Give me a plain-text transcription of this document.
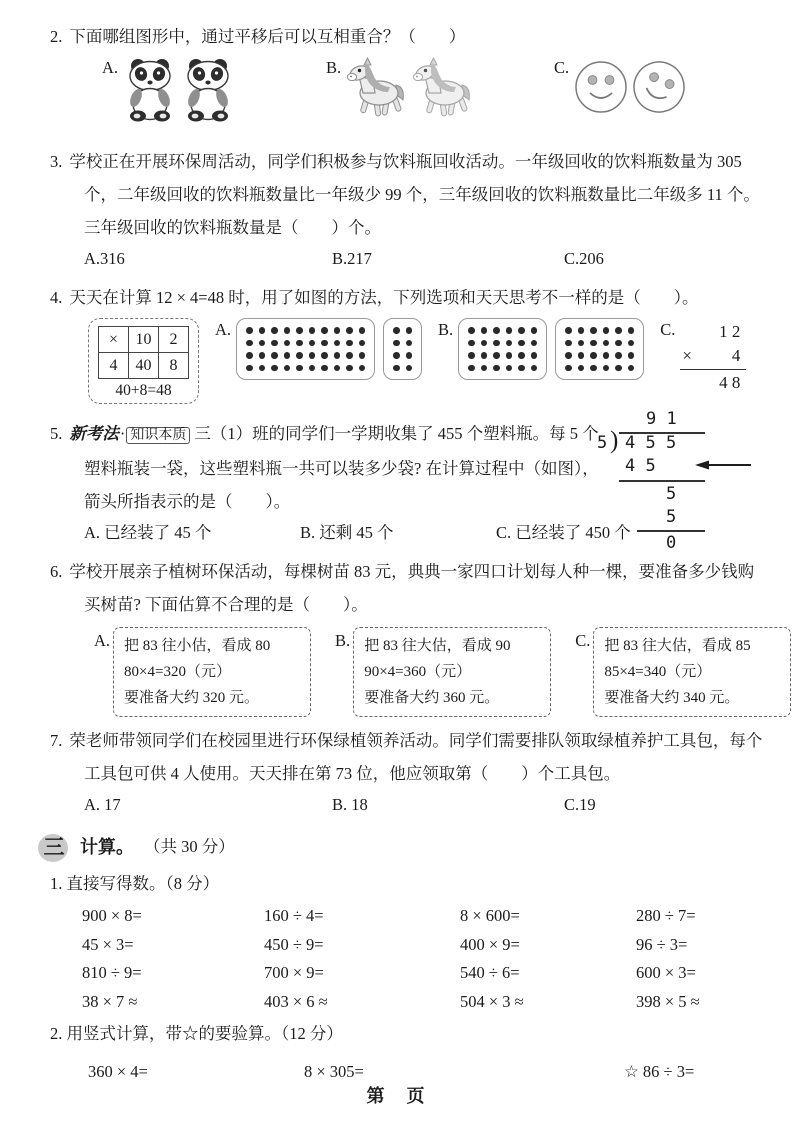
2. 下面哪组图形中，通过平移后可以互相重合？（　　）

A.	B.	C.

3. 学校正在开展环保周活动，同学们积极参与饮料瓶回收活动。一年级回收的饮料瓶数量为 305 个，二年级回收的饮料瓶数量比一年级少 99 个，三年级回收的饮料瓶数量比二年级多 11 个。三年级回收的饮料瓶数量是（　　）个。

A.316	B.217	C.206

4. 天天在计算 12 × 4=48 时，用了如图的方法，下列选项和天天思考不一样的是（　　）。

×	10	2
4	40	8
40+8=48
A.	B.	C.	1 2
× 4
4 8

5. 新考法· 知识本质 三（1）班的同学们一学期收集了 455 个塑料瓶。每 5 个塑料瓶装一袋，这些塑料瓶一共可以装多少袋? 在计算过程中（如图），箭头所指表示的是（　　）。

A. 已经装了 45 个	B. 还剩 45 个	C. 已经装了 450 个
9 1
5 ) 4 5 5
4 5
5
5
0

6. 学校开展亲子植树环保活动，每棵树苗 83 元，典典一家四口计划每人种一棵，要准备多少钱购买树苗? 下面估算不合理的是（　　）。

A. 把 83 往小估，看成 80
80×4=320（元）
要准备大约 320 元。
B. 把 83 往大估，看成 90
90×4=360（元）
要准备大约 360 元。
C. 把 83 往大估，看成 85
85×4=340（元）
要准备大约 340 元。

7. 荣老师带领同学们在校园里进行环保绿植领养活动。同学们需要排队领取绿植养护工具包，每个工具包可供 4 人使用。天天排在第 73 位，他应领取第（　　）个工具包。

A. 17	B. 18	C.19
三 计算。 （共 30 分）

1. 直接写得数。（8 分）

900 × 8=	160 ÷ 4=	8 × 600=	280 ÷ 7=
45 × 3=	450 ÷ 9=	400 × 9=	96 ÷ 3=
810 ÷ 9=	700 × 9=	540 ÷ 6=	600 × 3=
38 × 7 ≈	403 × 6 ≈	504 × 3 ≈	398 × 5 ≈

2. 用竖式计算，带☆的要验算。（12 分）

360 × 4=	8 × 305=	☆ 86 ÷ 3=
第　页
